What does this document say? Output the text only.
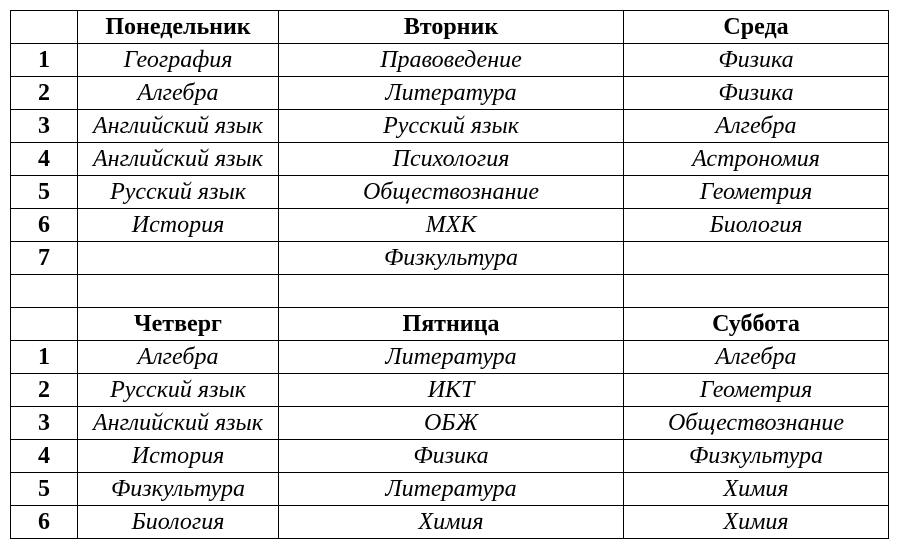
	Понедельник	Вторник	Среда
1	География	Правоведение	Физика
2	Алгебра	Литература	Физика
3	Английский язык	Русский язык	Алгебра
4	Английский язык	Психология	Астрономия
5	Русский язык	Обществознание	Геометрия
6	История	МХК	Биология
7		Физкультура	

	Четверг	Пятница	Суббота
1	Алгебра	Литература	Алгебра
2	Русский язык	ИКТ	Геометрия
3	Английский язык	ОБЖ	Обществознание
4	История	Физика	Физкультура
5	Физкультура	Литература	Химия
6	Биология	Химия	Химия
